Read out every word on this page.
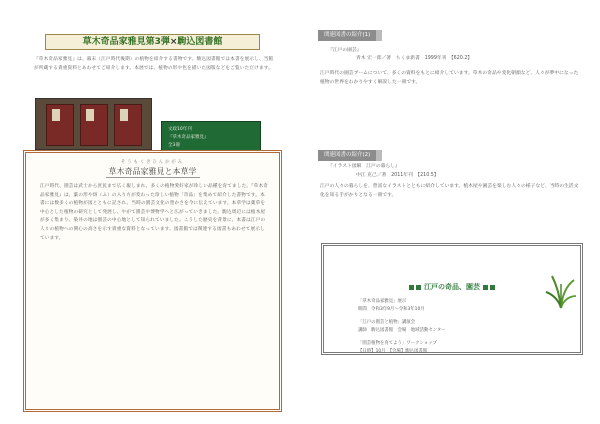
草木奇品家雅見第3弾×駒込図書館
『草木奇品家雅見』は、幕末（江戸時代後期）の植物を紹介する書物です。駒込図書館では本書を展示し、当館が所蔵する貴重資料とあわせてご紹介します。本展では、植物の形や色を描いた図版などをご覧いただけます。
文政10年刊
『草木奇品家雅見』
全3冊
そうもくきひんかがみ
草木奇品家雅見と本草学
江戸時代、園芸は武士から庶民まで広く親しまれ、多くの植物愛好家が珍しい品種を育てました。『草木奇品家雅見』は、葉の形や斑（ふ）の入り方が変わった珍しい植物「奇品」を集めて紹介した書物です。本書には数多くの植物が図とともに記され、当時の園芸文化の豊かさを今に伝えています。本草学は薬草を中心とした植物の研究として発展し、やがて園芸や博物学へと広がっていきました。駒込周辺には植木屋が多く集まり、染井の地は園芸の中心地として知られていました。こうした歴史を背景に、本書は江戸の人々の植物への関心の高さを示す貴重な資料となっています。図書館では関連する図書もあわせて展示しています。
関連図書の紹介(1)
『江戸の園芸』
青木 宏一郎／著　ちくま新書　1999年刊　【620.2】
江戸時代の園芸ブームについて、多くの資料をもとに紹介しています。草木の奇品や変化朝顔など、人々が夢中になった植物の世界をわかりやすく解説した一冊です。
関連図書の紹介(2)
『イラスト図解　江戸の暮らし』
中江 克己／著　2011年刊　【210.5】
江戸の人々の暮らしを、豊富なイラストとともに紹介しています。植木屋や園芸を楽しむ人々の様子など、当時の生活文化を知る手がかりとなる一冊です。
江戸の奇品、園芸
「草木奇品家雅見」展示
期間　令和3年9月～令和3年10月
「江戸の園芸と植物」講演会
講師　駒込図書館　会場　地域活動センター
「園芸植物を育てよう」ワークショップ
【日時】10月　【会場】駒込図書館
